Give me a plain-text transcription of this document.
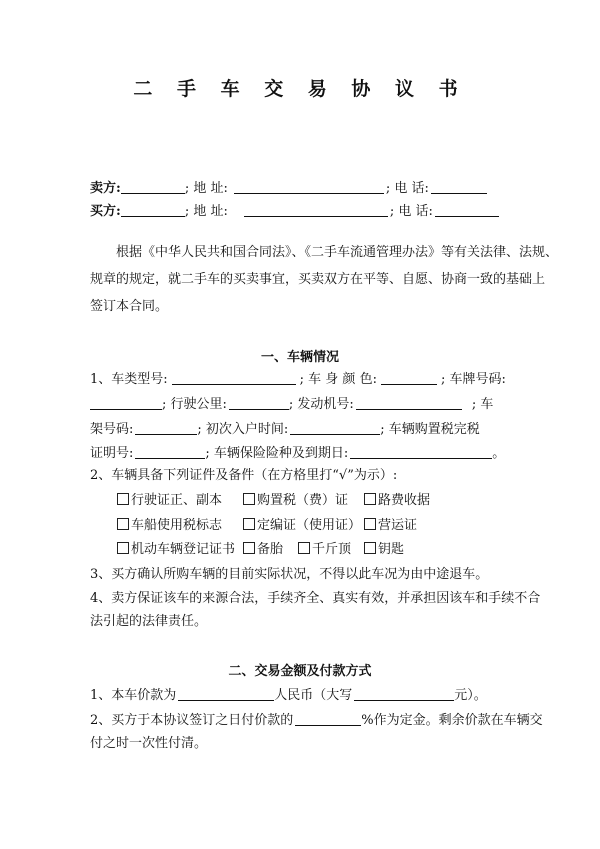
二 手 车 交 易 协 议 书
卖方:	; 地 址:	; 电 话:
买方:	; 地 址:	; 电 话:
根据《中华人民共和国合同法》、《二手车流通管理办法》等有关法律、法规、
规章的规定，就二手车的买卖事宜，买卖双方在平等、自愿、协商一致的基础上
签订本合同。
一、车辆情况
1、车类型号:	; 车 身 颜 色:	; 车牌号码:
; 行驶公里:	; 发动机号:	; 车
架号码:	; 初次入户时间:	; 车辆购置税完税
证明号:	; 车辆保险险种及到期日:	。
2、车辆具备下列证件及备件（在方格里打“√”为示）:
行驶证正、副本	购置税（费）证	路费收据
车船使用税标志	定编证（使用证）	营运证
机动车辆登记证书	备胎	千斤顶	钥匙
3、买方确认所购车辆的目前实际状况，不得以此车况为由中途退车。
4、卖方保证该车的来源合法，手续齐全、真实有效，并承担因该车和手续不合
法引起的法律责任。
二、交易金额及付款方式
1、本车价款为	人民币（大写	元）。
2、买方于本协议签订之日付价款的	%作为定金。剩余价款在车辆交
付之时一次性付清。
